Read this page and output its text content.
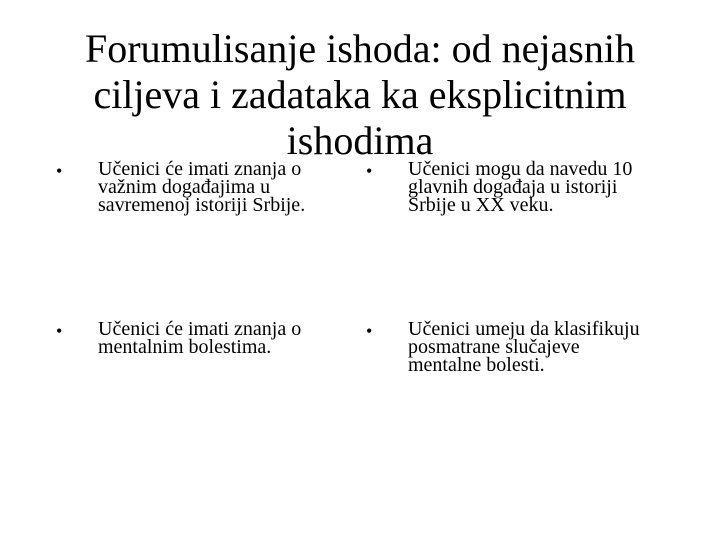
Forumulisanje ishoda: od nejasnih ciljeva i zadataka ka eksplicitnim ishodima
• Učenici će imati znanja o važnim događajima u savremenoj istoriji Srbije.
• Učenici će imati znanja o mentalnim bolestima.
• Učenici mogu da navedu 10 glavnih događaja u istoriji Srbije u XX veku.
• Učenici umeju da klasifikuju posmatrane slučajeve mentalne bolesti.
